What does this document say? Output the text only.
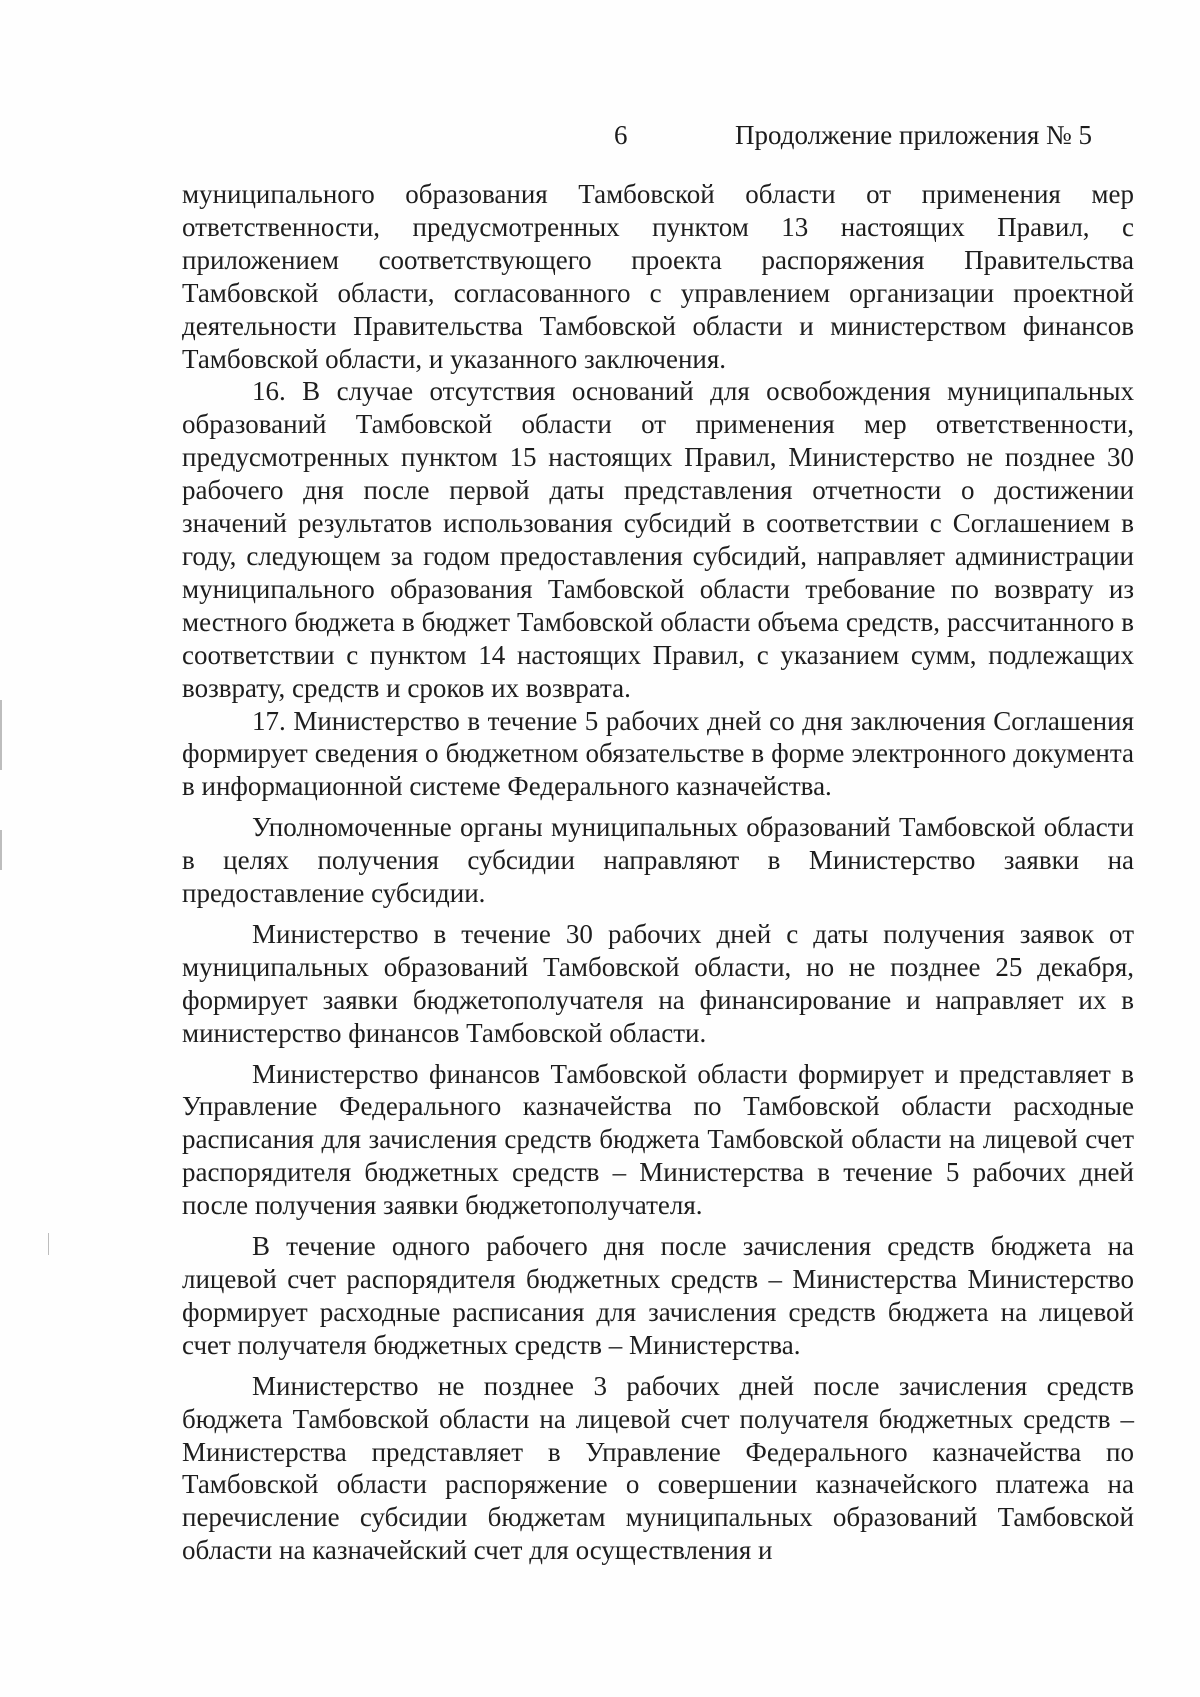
6	Продолжение приложения № 5

муниципального образования Тамбовской области от применения мер ответственности, предусмотренных пунктом 13 настоящих Правил, с приложением соответствующего проекта распоряжения Правительства Тамбовской области, согласованного с управлением организации проектной деятельности Правительства Тамбовской области и министерством финансов Тамбовской области, и указанного заключения.

16. В случае отсутствия оснований для освобождения муниципальных образований Тамбовской области от применения мер ответственности, предусмотренных пунктом 15 настоящих Правил, Министерство не позднее 30 рабочего дня после первой даты представления отчетности о достижении значений результатов использования субсидий в соответствии с Соглашением в году, следующем за годом предоставления субсидий, направляет администрации муниципального образования Тамбовской области требование по возврату из местного бюджета в бюджет Тамбовской области объема средств, рассчитанного в соответствии с пунктом 14 настоящих Правил, с указанием сумм, подлежащих возврату, средств и сроков их возврата.

17. Министерство в течение 5 рабочих дней со дня заключения Соглашения формирует сведения о бюджетном обязательстве в форме электронного документа в информационной системе Федерального казначейства.

Уполномоченные органы муниципальных образований Тамбовской области в целях получения субсидии направляют в Министерство заявки на предоставление субсидии.

Министерство в течение 30 рабочих дней с даты получения заявок от муниципальных образований Тамбовской области, но не позднее 25 декабря, формирует заявки бюджетополучателя на финансирование и направляет их в министерство финансов Тамбовской области.

Министерство финансов Тамбовской области формирует и представляет в Управление Федерального казначейства по Тамбовской области расходные расписания для зачисления средств бюджета Тамбовской области на лицевой счет распорядителя бюджетных средств – Министерства в течение 5 рабочих дней после получения заявки бюджетополучателя.

В течение одного рабочего дня после зачисления средств бюджета на лицевой счет распорядителя бюджетных средств – Министерства Министерство формирует расходные расписания для зачисления средств бюджета на лицевой счет получателя бюджетных средств – Министерства.

Министерство не позднее 3 рабочих дней после зачисления средств бюджета Тамбовской области на лицевой счет получателя бюджетных средств – Министерства представляет в Управление Федерального казначейства по Тамбовской области распоряжение о совершении казначейского платежа на перечисление субсидии бюджетам муниципальных образований Тамбовской области на казначейский счет для осуществления и
